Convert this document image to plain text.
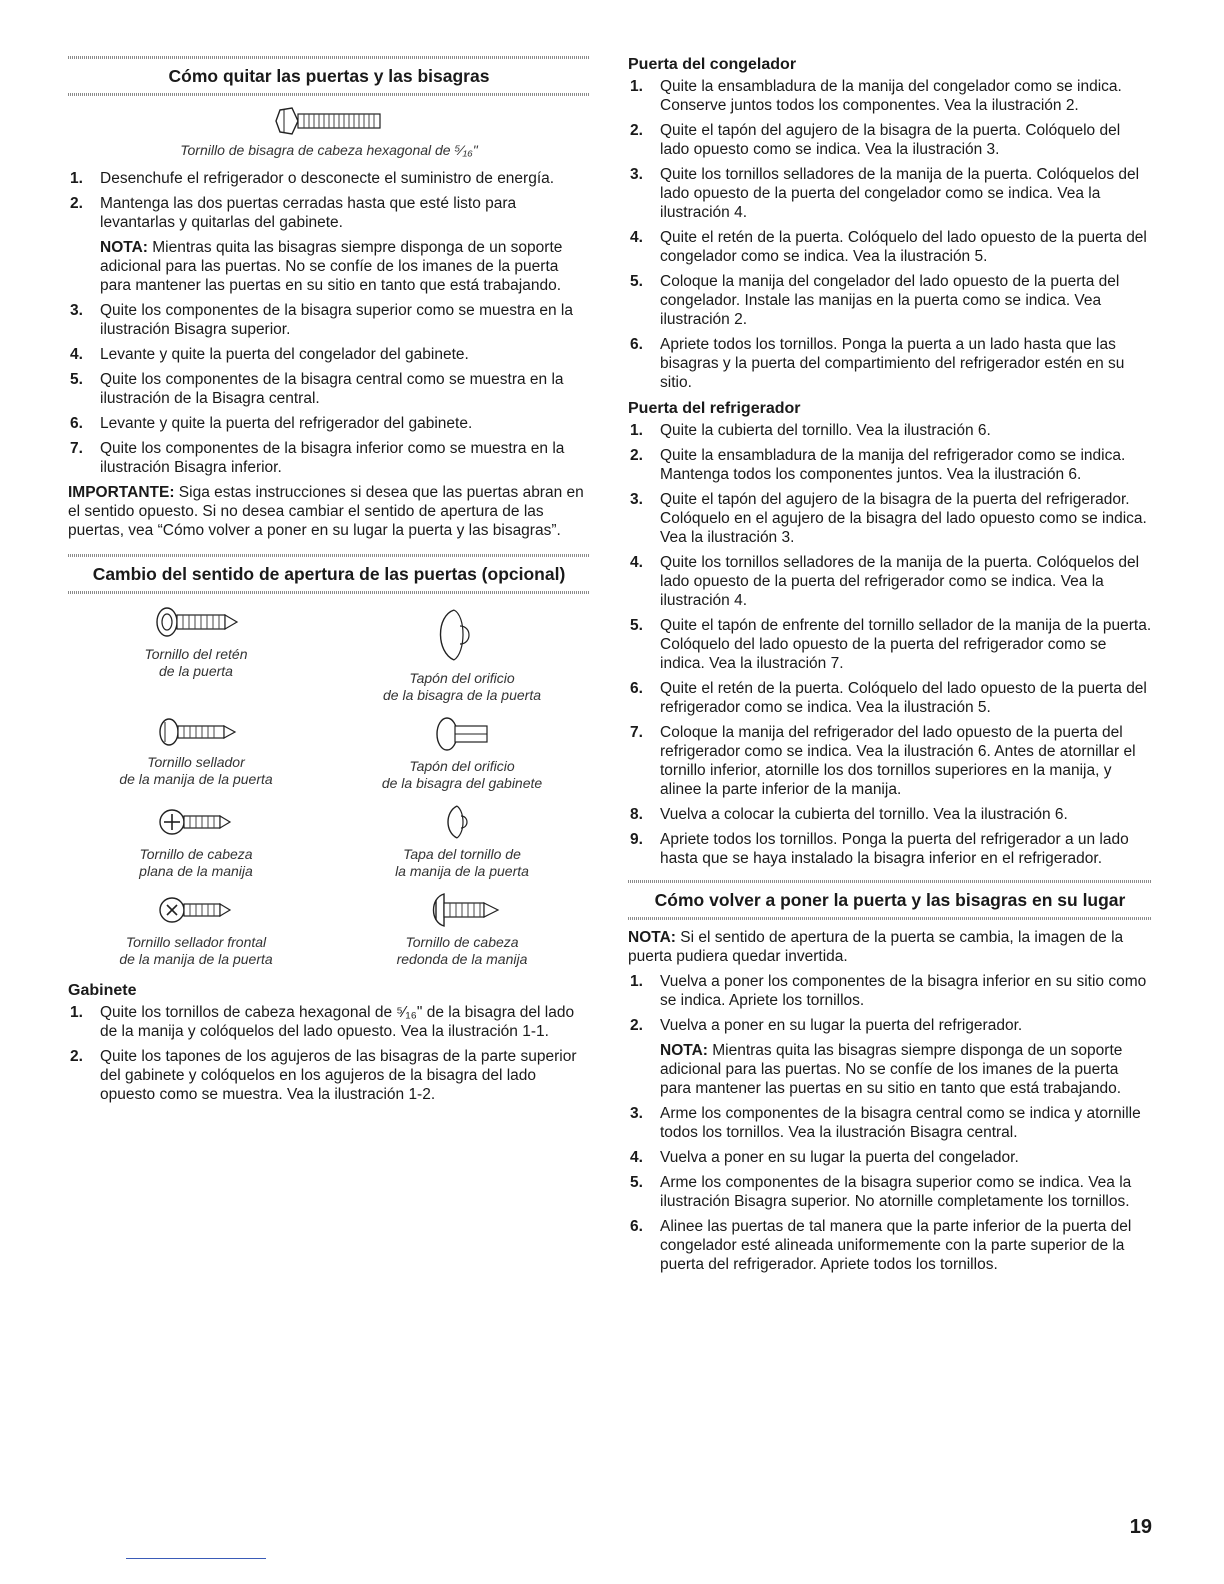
Cómo quitar las puertas y las bisagras
Tornillo de bisagra de cabeza hexagonal de ⁵⁄₁₆"
1. Desenchufe el refrigerador o desconecte el suministro de energía.
2. Mantenga las dos puertas cerradas hasta que esté listo para levantarlas y quitarlas del gabinete.

NOTA: Mientras quita las bisagras siempre disponga de un soporte adicional para las puertas. No se confíe de los imanes de la puerta para mantener las puertas en su sitio en tanto que está trabajando.

3. Quite los componentes de la bisagra superior como se muestra en la ilustración Bisagra superior.
4. Levante y quite la puerta del congelador del gabinete.
5. Quite los componentes de la bisagra central como se muestra en la ilustración de la Bisagra central.
6. Levante y quite la puerta del refrigerador del gabinete.
7. Quite los componentes de la bisagra inferior como se muestra en la ilustración Bisagra inferior.

IMPORTANTE: Siga estas instrucciones si desea que las puertas abran en el sentido opuesto. Si no desea cambiar el sentido de apertura de las puertas, vea “Cómo volver a poner en su lugar la puerta y las bisagras”.

Cambio del sentido de apertura de las puertas (opcional)
Tornillo del retén
de la puerta	Tapón del orificio
de la bisagra de la puerta
Tornillo sellador
de la manija de la puerta
Tapón del orificio
de la bisagra del gabinete
Tornillo de cabeza
plana de la manija
Tapa del tornillo de
la manija de la puerta
Tornillo sellador frontal
de la manija de la puerta
Tornillo de cabeza
redonda de la manija
Gabinete
1. Quite los tornillos de cabeza hexagonal de ⁵⁄₁₆" de la bisagra del lado de la manija y colóquelos del lado opuesto. Vea la ilustración 1-1.
2. Quite los tapones de los agujeros de las bisagras de la parte superior del gabinete y colóquelos en los agujeros de la bisagra del lado opuesto como se muestra. Vea la ilustración 1-2.
Puerta del congelador
1. Quite la ensambladura de la manija del congelador como se indica. Conserve juntos todos los componentes. Vea la ilustración 2.
2. Quite el tapón del agujero de la bisagra de la puerta. Colóquelo del lado opuesto como se indica. Vea la ilustración 3.
3. Quite los tornillos selladores de la manija de la puerta. Colóquelos del lado opuesto de la puerta del congelador como se indica. Vea la ilustración 4.
4. Quite el retén de la puerta. Colóquelo del lado opuesto de la puerta del congelador como se indica. Vea la ilustración 5.
5. Coloque la manija del congelador del lado opuesto de la puerta del congelador. Instale las manijas en la puerta como se indica. Vea ilustración 2.
6. Apriete todos los tornillos. Ponga la puerta a un lado hasta que las bisagras y la puerta del compartimiento del refrigerador estén en su sitio.
Puerta del refrigerador
1. Quite la cubierta del tornillo. Vea la ilustración 6.
2. Quite la ensambladura de la manija del refrigerador como se indica. Mantenga todos los componentes juntos. Vea la ilustración 6.
3. Quite el tapón del agujero de la bisagra de la puerta del refrigerador. Colóquelo en el agujero de la bisagra del lado opuesto como se indica. Vea la ilustración 3.
4. Quite los tornillos selladores de la manija de la puerta. Colóquelos del lado opuesto de la puerta del refrigerador como se indica. Vea la ilustración 4.
5. Quite el tapón de enfrente del tornillo sellador de la manija de la puerta. Colóquelo del lado opuesto de la puerta del refrigerador como se indica. Vea la ilustración 7.
6. Quite el retén de la puerta. Colóquelo del lado opuesto de la puerta del refrigerador como se indica. Vea la ilustración 5.
7. Coloque la manija del refrigerador del lado opuesto de la puerta del refrigerador como se indica. Vea la ilustración 6. Antes de atornillar el tornillo inferior, atornille los dos tornillos superiores en la manija, y alinee la parte inferior de la manija.
8. Vuelva a colocar la cubierta del tornillo. Vea la ilustración 6.
9. Apriete todos los tornillos. Ponga la puerta del refrigerador a un lado hasta que se haya instalado la bisagra inferior en el refrigerador.
Cómo volver a poner la puerta y las bisagras en su lugar

NOTA: Si el sentido de apertura de la puerta se cambia, la imagen de la puerta pudiera quedar invertida.

1. Vuelva a poner los componentes de la bisagra inferior en su sitio como se indica. Apriete los tornillos.
2. Vuelva a poner en su lugar la puerta del refrigerador.

NOTA: Mientras quita las bisagras siempre disponga de un soporte adicional para las puertas. No se confíe de los imanes de la puerta para mantener las puertas en su sitio en tanto que está trabajando.

3. Arme los componentes de la bisagra central como se indica y atornille todos los tornillos. Vea la ilustración Bisagra central.
4. Vuelva a poner en su lugar la puerta del congelador.
5. Arme los componentes de la bisagra superior como se indica. Vea la ilustración Bisagra superior. No atornille completamente los tornillos.
6. Alinee las puertas de tal manera que la parte inferior de la puerta del congelador esté alineada uniformemente con la parte superior de la puerta del refrigerador. Apriete todos los tornillos.
19
